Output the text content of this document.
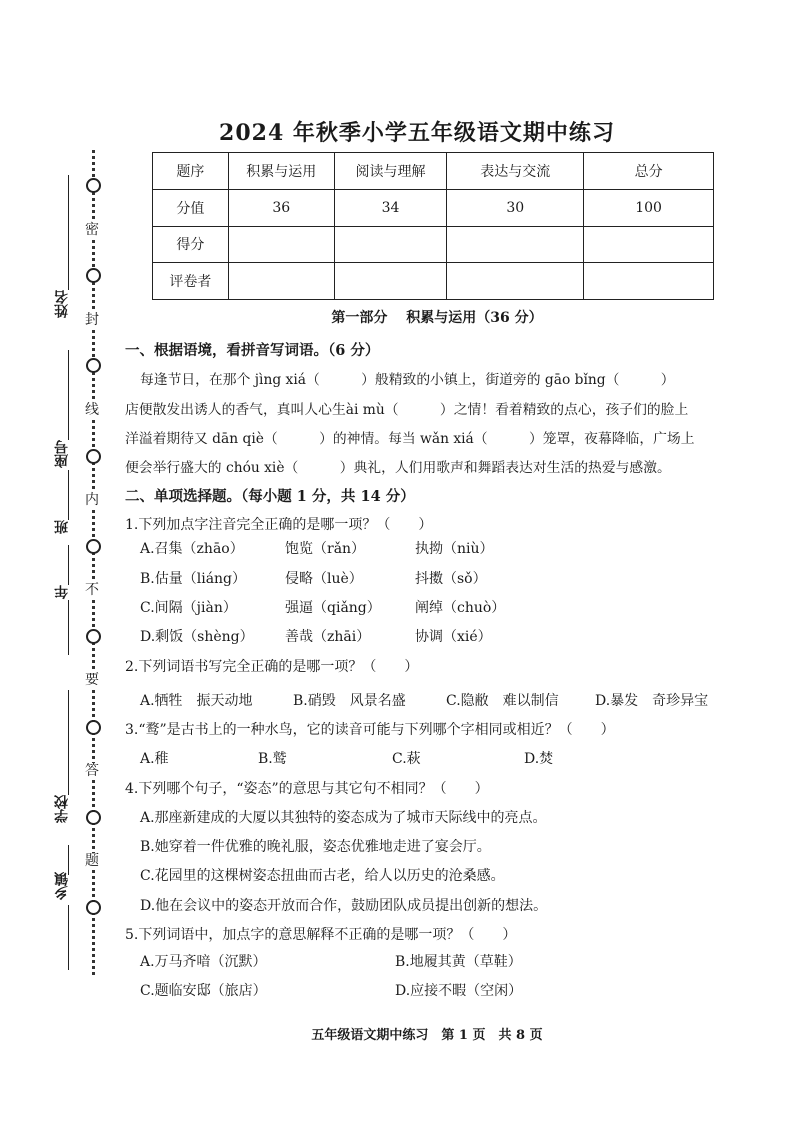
密
封
线
内
不
要
答
题
姓名
座号
班
年
学校
乡镇
2024 年秋季小学五年级语文期中练习
题序	积累与运用	阅读与理解	表达与交流	总分
分值	36	34	30	100
得分				
评卷者				
第一部分　 积累与运用（36 分）
一、根据语境，看拼音写词语。（6 分）
每逢节日，在那个 jìng xiá（　　　）般精致的小镇上，街道旁的 gāo bǐng（　　　）
店便散发出诱人的香气，真叫人心生ài mù（　　　）之情！看着精致的点心，孩子们的脸上
洋溢着期待又 dān qiè（　　　）的神情。每当 wǎn xiá（　　　）笼罩，夜幕降临，广场上
便会举行盛大的 chóu xiè（　　　）典礼，人们用歌声和舞蹈表达对生活的热爱与感激。
二、单项选择题。（每小题 1 分，共 14 分）
1.下列加点字注音完全正确的是哪一项？（　　）
A.召集（zhāo）	饱览（rǎn）	执拗（niù）
B.估量（liáng）	侵略（luè）	抖擞（sǒ）
C.间隔（jiàn）	强逼（qiǎng） 阐绰（chuò）
D.剩饭（shèng） 善哉（zhāi）	协调（xié）
2.下列词语书写完全正确的是哪一项？（　　）
A.牺牲　振天动地	B.硝毁　风景名盛	C.隐敝　难以制信	D.暴发　奇珍异宝
3.“鹜”是古书上的一种水鸟，它的读音可能与下列哪个字相同或相近？（　　）
A.稚	B.鹫	C.萩	D.焚
4.下列哪个句子，“姿态”的意思与其它句不相同？（　　）
A.那座新建成的大厦以其独特的姿态成为了城市天际线中的亮点。
B.她穿着一件优雅的晚礼服，姿态优雅地走进了宴会厅。
C.花园里的这棵树姿态扭曲而古老，给人以历史的沧桑感。
D.他在会议中的姿态开放而合作，鼓励团队成员提出创新的想法。
5.下列词语中，加点字的意思解释不正确的是哪一项？（　　）
A.万马齐喑（沉默）	B.地履其黄（草鞋）
C.题临安邸（旅店）	D.应接不暇（空闲）
五年级语文期中练习　第 1 页　共 8 页
